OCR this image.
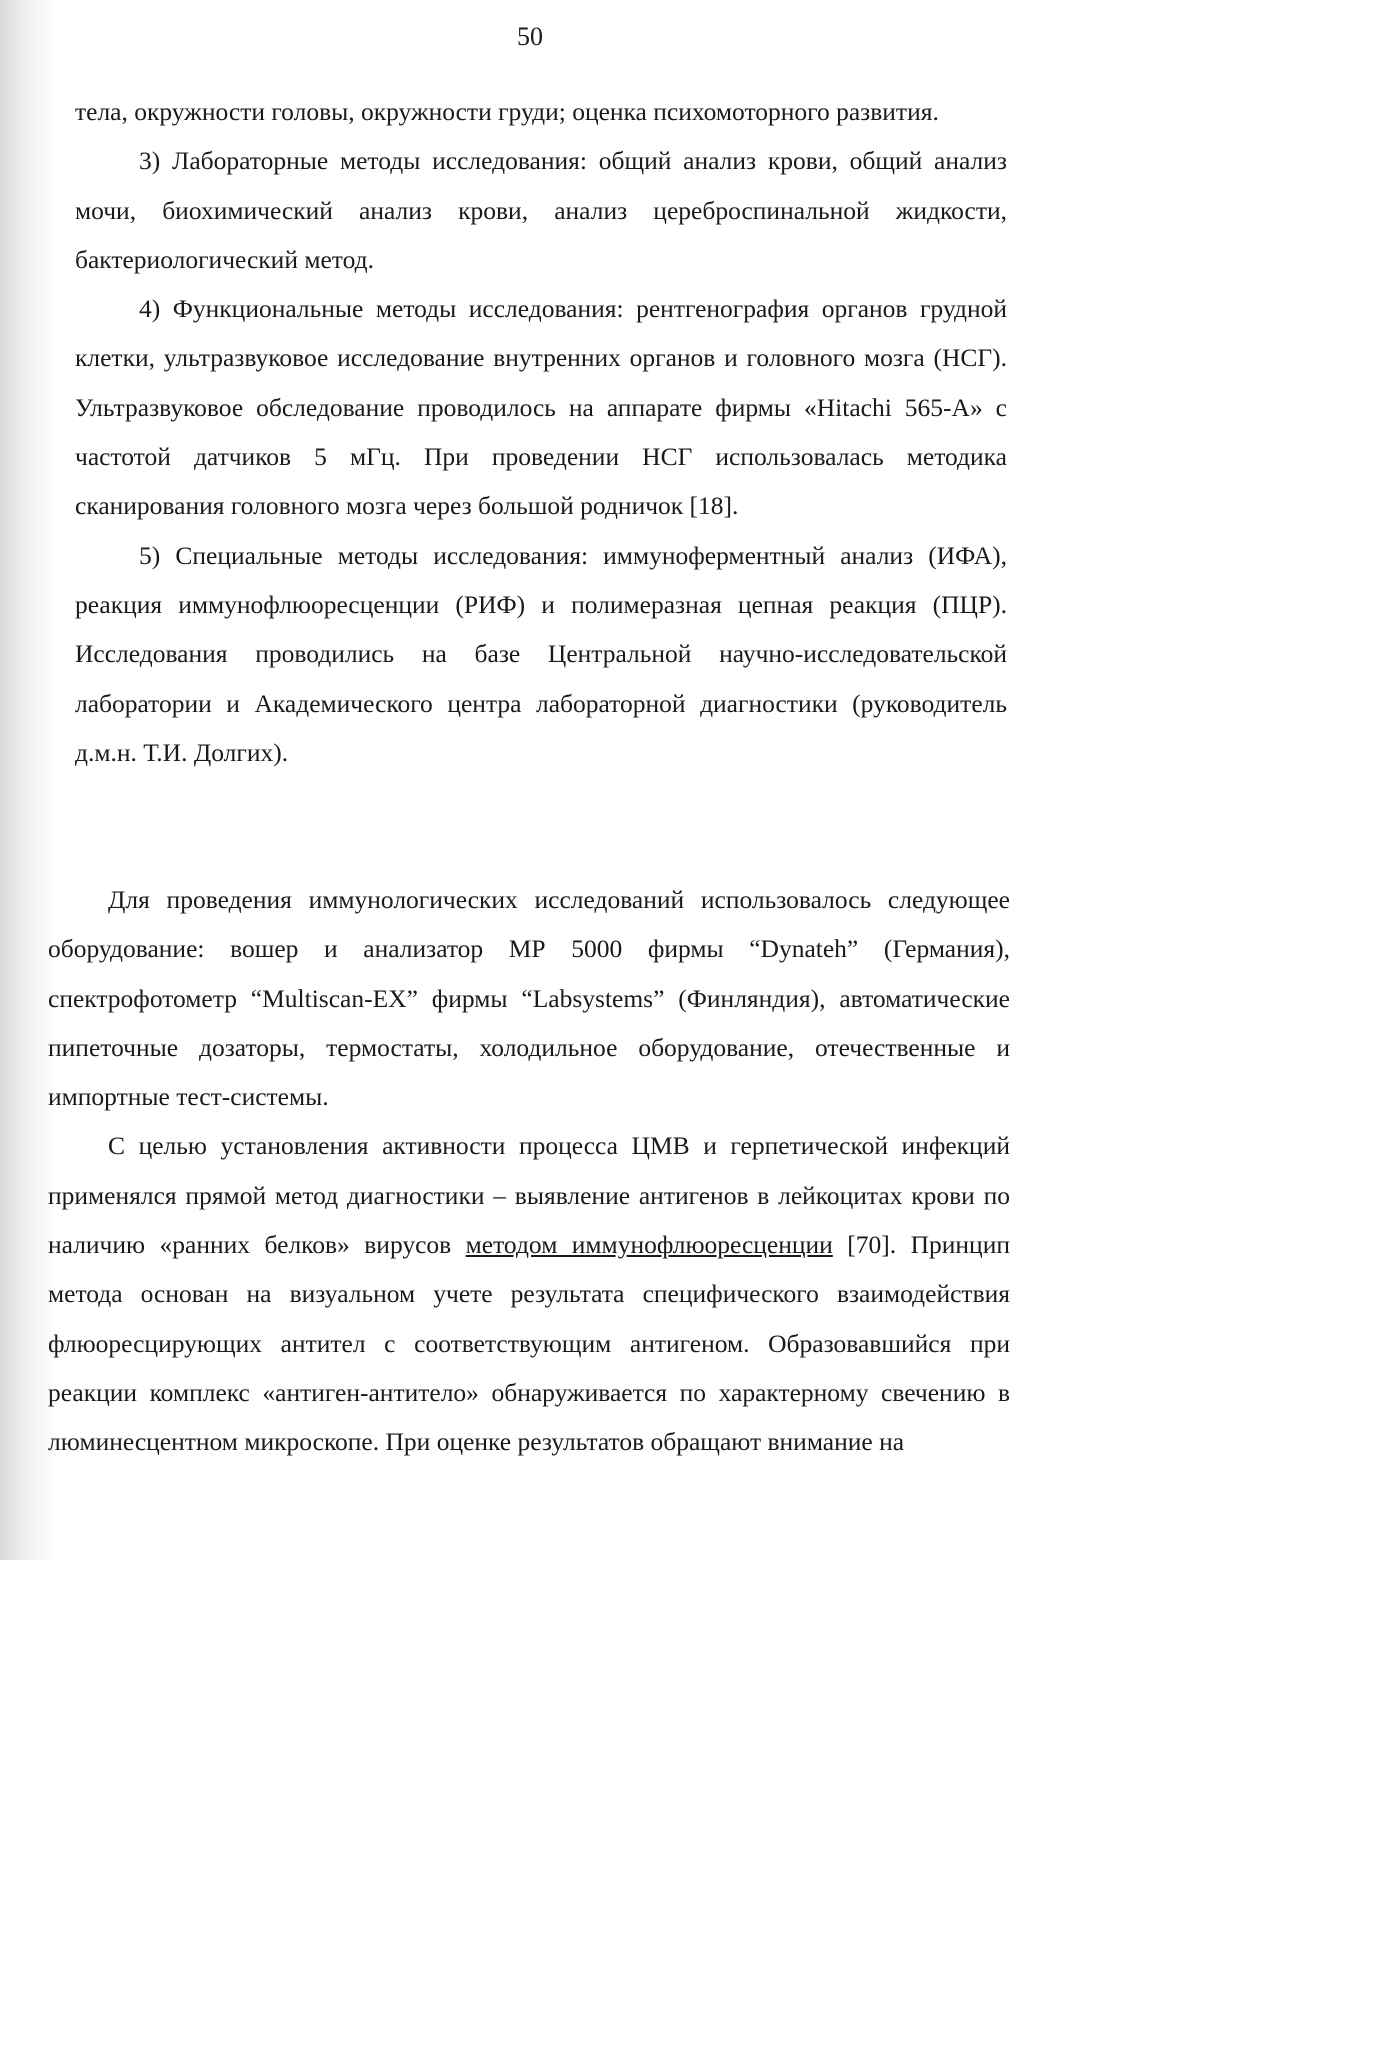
50

тела, окружности головы, окружности груди; оценка психомоторного развития.

3) Лабораторные методы исследования: общий анализ крови, общий анализ мочи, биохимический анализ крови, анализ цереброспинальной жидкости, бактериологический метод.

4) Функциональные методы исследования: рентгенография органов грудной клетки, ультразвуковое исследование внутренних органов и головного мозга (НСГ). Ультразвуковое обследование проводилось на аппарате фирмы «Hitachi 565-А» с частотой датчиков 5 мГц. При проведении НСГ использовалась методика сканирования головного мозга через большой родничок [18].

5) Специальные методы исследования: иммуноферментный анализ (ИФА), реакция иммунофлюоресценции (РИФ) и полимеразная цепная реакция (ПЦР). Исследования проводились на базе Центральной научно-исследовательской лаборатории и Академического центра лабораторной диагностики (руководитель д.м.н. Т.И. Долгих).

Для проведения иммунологических исследований использовалось следующее оборудование: вошер и анализатор МР 5000 фирмы “Dynateh” (Германия), спектрофотометр “Multiscan-EX” фирмы “Labsystems” (Финляндия), автоматические пипеточные дозаторы, термостаты, холодильное оборудование, отечественные и импортные тест-системы.

С целью установления активности процесса ЦМВ и герпетической инфекций применялся прямой метод диагностики – выявление антигенов в лейкоцитах крови по наличию «ранних белков» вирусов методом иммунофлюоресценции [70]. Принцип метода основан на визуальном учете результата специфического взаимодействия флюоресцирующих антител с соответствующим антигеном. Образовавшийся при реакции комплекс «антиген-антитело» обнаруживается по характерному свечению в люминесцентном микроскопе. При оценке результатов обращают внимание на
